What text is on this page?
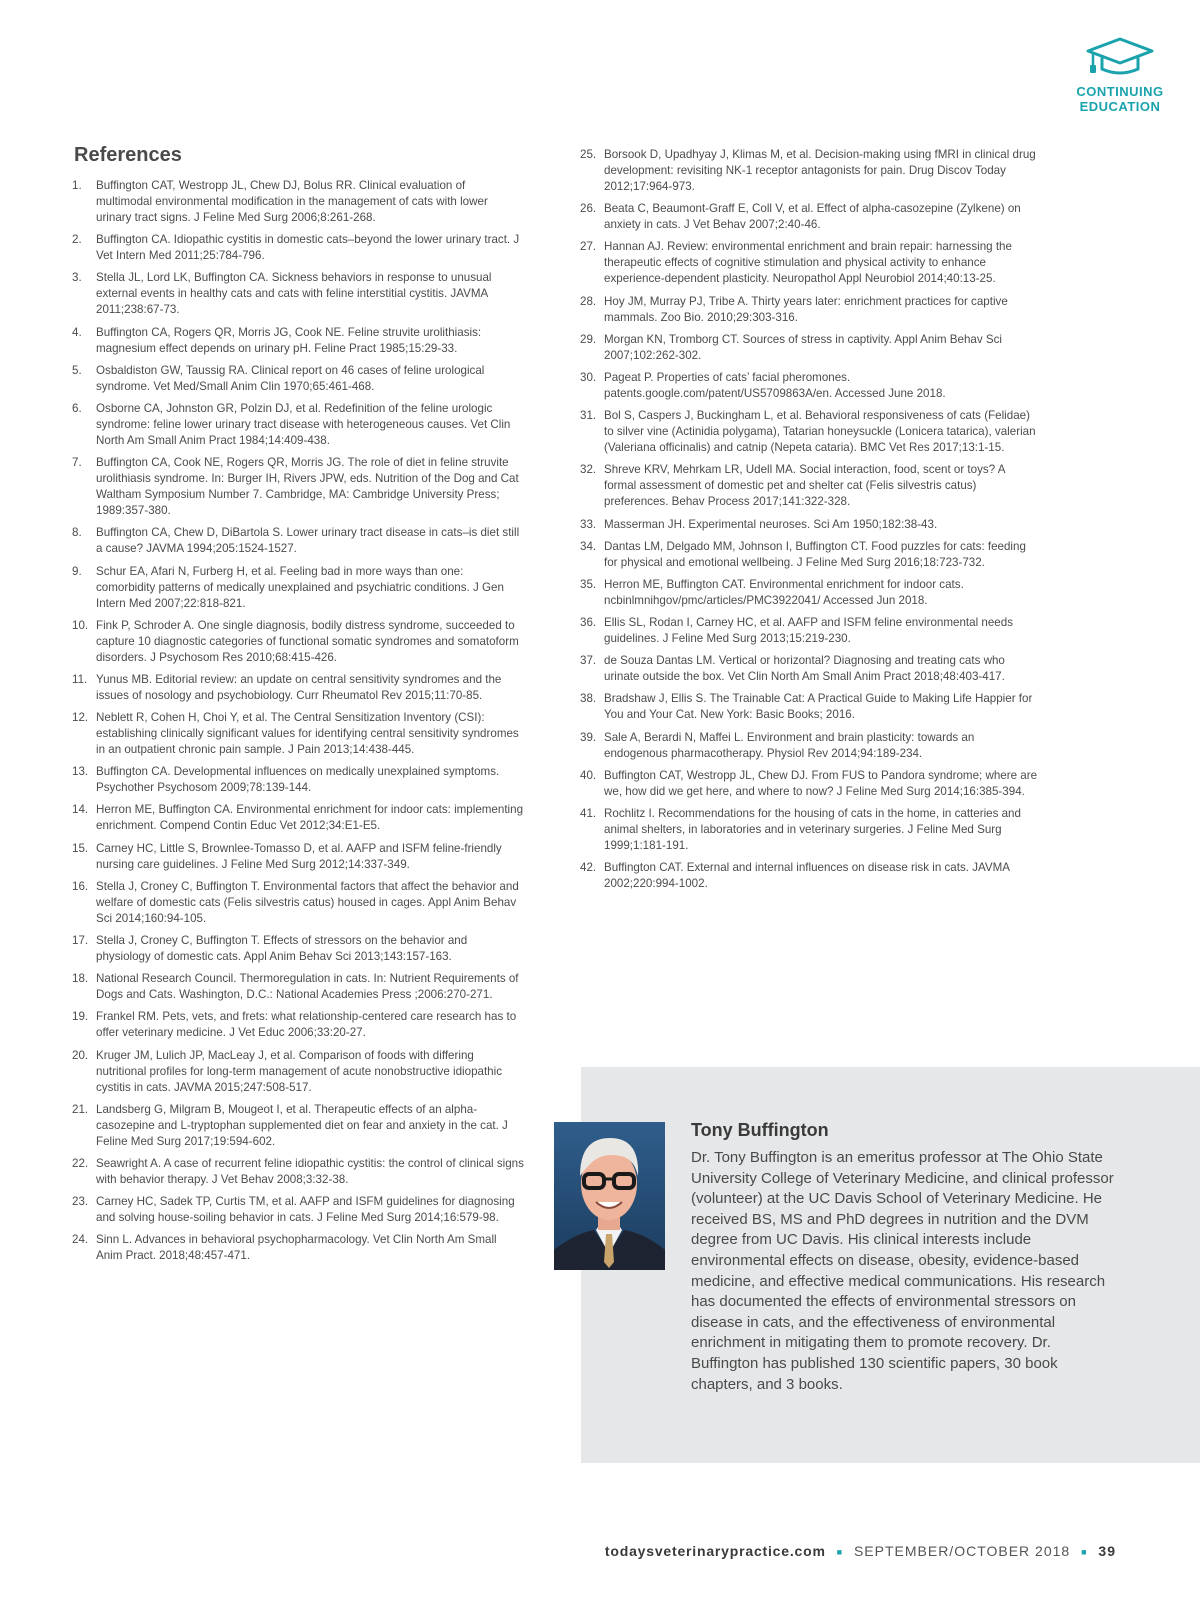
CONTINUING
EDUCATION
References
1.	Buffington CAT, Westropp JL, Chew DJ, Bolus RR. Clinical evaluation of multimodal environmental modification in the management of cats with lower urinary tract signs. J Feline Med Surg 2006;8:261-268.
2.	Buffington CA. Idiopathic cystitis in domestic cats–beyond the lower urinary tract. J Vet Intern Med 2011;25:784-796.
3.	Stella JL, Lord LK, Buffington CA. Sickness behaviors in response to unusual external events in healthy cats and cats with feline interstitial cystitis. JAVMA 2011;238:67-73.
4.	Buffington CA, Rogers QR, Morris JG, Cook NE. Feline struvite urolithiasis: magnesium effect depends on urinary pH. Feline Pract 1985;15:29-33.
5.	Osbaldiston GW, Taussig RA. Clinical report on 46 cases of feline urological syndrome. Vet Med/Small Anim Clin 1970;65:461-468.
6.	Osborne CA, Johnston GR, Polzin DJ, et al. Redefinition of the feline urologic syndrome: feline lower urinary tract disease with heterogeneous causes. Vet Clin North Am Small Anim Pract 1984;14:409-438.
7.	Buffington CA, Cook NE, Rogers QR, Morris JG. The role of diet in feline struvite urolithiasis syndrome. In: Burger IH, Rivers JPW, eds. Nutrition of the Dog and Cat Waltham Symposium Number 7. Cambridge, MA: Cambridge University Press; 1989:357-380.
8.	Buffington CA, Chew D, DiBartola S. Lower urinary tract disease in cats–is diet still a cause? JAVMA 1994;205:1524-1527.
9.	Schur EA, Afari N, Furberg H, et al. Feeling bad in more ways than one: comorbidity patterns of medically unexplained and psychiatric conditions. J Gen Intern Med 2007;22:818-821.
10. Fink P, Schroder A. One single diagnosis, bodily distress syndrome, succeeded to capture 10 diagnostic categories of functional somatic syndromes and somatoform disorders. J Psychosom Res 2010;68:415-426.
11. Yunus MB. Editorial review: an update on central sensitivity syndromes and the issues of nosology and psychobiology. Curr Rheumatol Rev 2015;11:70-85.
12. Neblett R, Cohen H, Choi Y, et al. The Central Sensitization Inventory (CSI): establishing clinically significant values for identifying central sensitivity syndromes in an outpatient chronic pain sample. J Pain 2013;14:438-445.
13. Buffington CA. Developmental influences on medically unexplained symptoms. Psychother Psychosom 2009;78:139-144.
14. Herron ME, Buffington CA. Environmental enrichment for indoor cats: implementing enrichment. Compend Contin Educ Vet 2012;34:E1-E5.
15. Carney HC, Little S, Brownlee-Tomasso D, et al. AAFP and ISFM feline-friendly nursing care guidelines. J Feline Med Surg 2012;14:337-349.
16. Stella J, Croney C, Buffington T. Environmental factors that affect the behavior and welfare of domestic cats (Felis silvestris catus) housed in cages. Appl Anim Behav Sci 2014;160:94-105.
17. Stella J, Croney C, Buffington T. Effects of stressors on the behavior and physiology of domestic cats. Appl Anim Behav Sci 2013;143:157-163.
18. National Research Council. Thermoregulation in cats. In: Nutrient Requirements of Dogs and Cats. Washington, D.C.: National Academies Press ;2006:270-271.
19. Frankel RM. Pets, vets, and frets: what relationship-centered care research has to offer veterinary medicine. J Vet Educ 2006;33:20-27.
20. Kruger JM, Lulich JP, MacLeay J, et al. Comparison of foods with differing nutritional profiles for long-term management of acute nonobstructive idiopathic cystitis in cats. JAVMA 2015;247:508-517.
21. Landsberg G, Milgram B, Mougeot I, et al. Therapeutic effects of an alpha-casozepine and L-tryptophan supplemented diet on fear and anxiety in the cat. J Feline Med Surg 2017;19:594-602.
22. Seawright A. A case of recurrent feline idiopathic cystitis: the control of clinical signs with behavior therapy. J Vet Behav 2008;3:32-38.
23. Carney HC, Sadek TP, Curtis TM, et al. AAFP and ISFM guidelines for diagnosing and solving house-soiling behavior in cats. J Feline Med Surg 2014;16:579-98.
24. Sinn L. Advances in behavioral psychopharmacology. Vet Clin North Am Small Anim Pract. 2018;48:457-471.
25. Borsook D, Upadhyay J, Klimas M, et al. Decision-making using fMRI in clinical drug development: revisiting NK-1 receptor antagonists for pain. Drug Discov Today 2012;17:964-973.
26. Beata C, Beaumont-Graff E, Coll V, et al. Effect of alpha-casozepine (Zylkene) on anxiety in cats. J Vet Behav 2007;2:40-46.
27. Hannan AJ. Review: environmental enrichment and brain repair: harnessing the therapeutic effects of cognitive stimulation and physical activity to enhance experience-dependent plasticity. Neuropathol Appl Neurobiol 2014;40:13-25.
28. Hoy JM, Murray PJ, Tribe A. Thirty years later: enrichment practices for captive mammals. Zoo Bio. 2010;29:303-316.
29. Morgan KN, Tromborg CT. Sources of stress in captivity. Appl Anim Behav Sci 2007;102:262-302.
30. Pageat P. Properties of cats’ facial pheromones. patents.google.com/patent/US5709863A/en. Accessed June 2018.
31. Bol S, Caspers J, Buckingham L, et al. Behavioral responsiveness of cats (Felidae) to silver vine (Actinidia polygama), Tatarian honeysuckle (Lonicera tatarica), valerian (Valeriana officinalis) and catnip (Nepeta cataria). BMC Vet Res 2017;13:1-15.
32. Shreve KRV, Mehrkam LR, Udell MA. Social interaction, food, scent or toys? A formal assessment of domestic pet and shelter cat (Felis silvestris catus) preferences. Behav Process 2017;141:322-328.
33. Masserman JH. Experimental neuroses. Sci Am 1950;182:38-43.
34. Dantas LM, Delgado MM, Johnson I, Buffington CT. Food puzzles for cats: feeding for physical and emotional wellbeing. J Feline Med Surg 2016;18:723-732.
35. Herron ME, Buffington CAT. Environmental enrichment for indoor cats. ncbinlmnihgov/pmc/articles/PMC3922041/ Accessed Jun 2018.
36. Ellis SL, Rodan I, Carney HC, et al. AAFP and ISFM feline environmental needs guidelines. J Feline Med Surg 2013;15:219-230.
37. de Souza Dantas LM. Vertical or horizontal? Diagnosing and treating cats who urinate outside the box. Vet Clin North Am Small Anim Pract 2018;48:403-417.
38. Bradshaw J, Ellis S. The Trainable Cat: A Practical Guide to Making Life Happier for You and Your Cat. New York: Basic Books; 2016.
39. Sale A, Berardi N, Maffei L. Environment and brain plasticity: towards an endogenous pharmacotherapy. Physiol Rev 2014;94:189-234.
40. Buffington CAT, Westropp JL, Chew DJ. From FUS to Pandora syndrome; where are we, how did we get here, and where to now? J Feline Med Surg 2014;16:385-394.
41. Rochlitz I. Recommendations for the housing of cats in the home, in catteries and animal shelters, in laboratories and in veterinary surgeries. J Feline Med Surg 1999;1:181-191.
42. Buffington CAT. External and internal influences on disease risk in cats. JAVMA 2002;220:994-1002.
Tony Buffington

Dr. Tony Buffington is an emeritus professor at The Ohio State University College of Veterinary Medicine, and clinical professor (volunteer) at the UC Davis School of Veterinary Medicine. He received BS, MS and PhD degrees in nutrition and the DVM degree from UC Davis. His clinical interests include environmental effects on disease, obesity, evidence-based medicine, and effective medical communications. His research has documented the effects of environmental stressors on disease in cats, and the effectiveness of environmental enrichment in mitigating them to promote recovery. Dr. Buffington has published 130 scientific papers, 30 book chapters, and 3 books.

todaysveterinarypractice.com ■ SEPTEMBER/OCTOBER 2018 ■ 39
